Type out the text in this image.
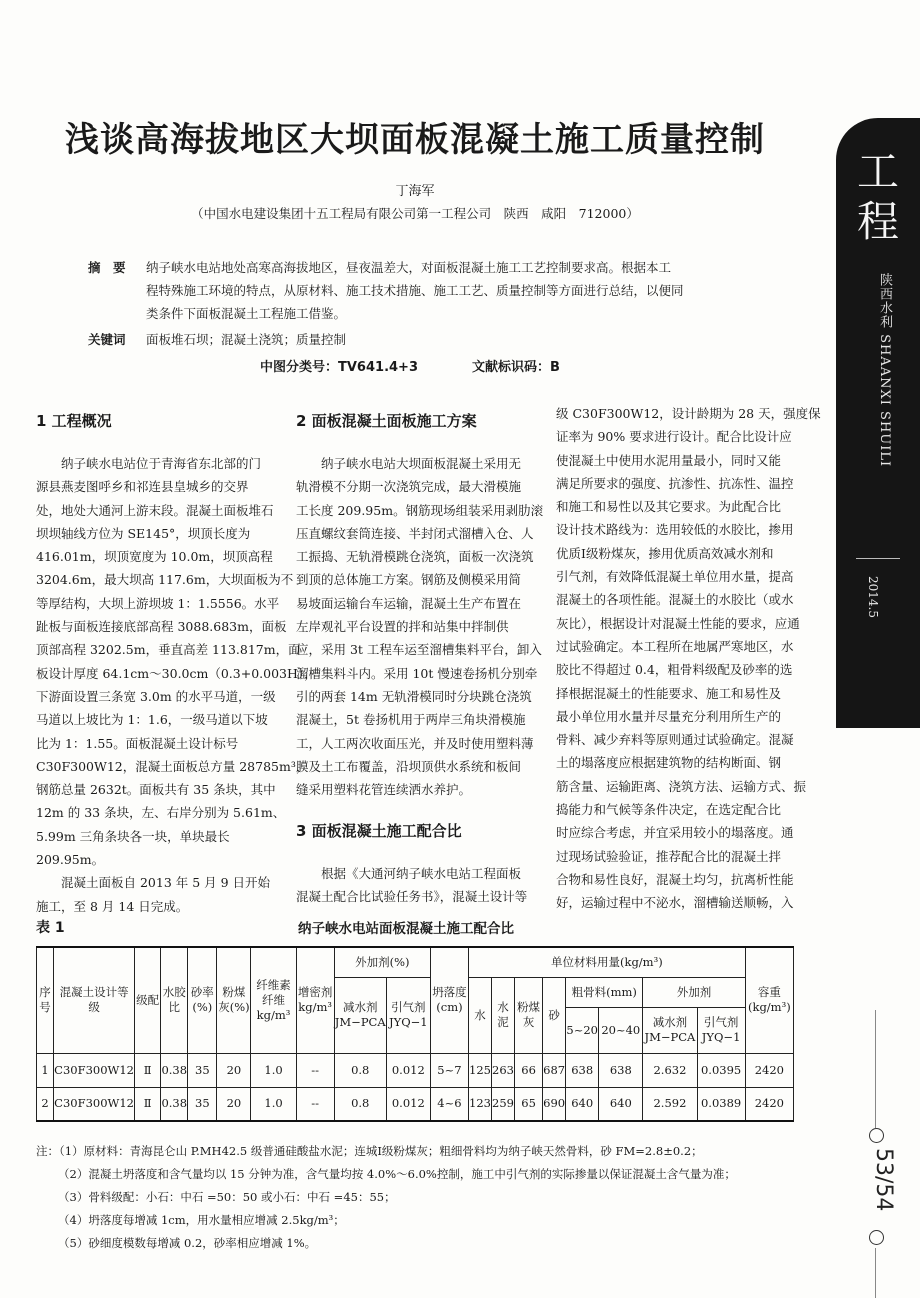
浅谈高海拔地区大坝面板混凝土施工质量控制
丁海军
（中国水电建设集团十五工程局有限公司第一工程公司　陕西　咸阳　712000）
摘　要 纳子峡水电站地处高寒高海拔地区，昼夜温差大，对面板混凝土施工工艺控制要求高。根据本工
程特殊施工环境的特点，从原材料、施工技术措施、施工工艺、质量控制等方面进行总结，以便同
类条件下面板混凝土工程施工借鉴。
关键词 面板堆石坝；混凝土浇筑；质量控制
中图分类号：TV641.4+3	文献标识码：B
1 工程概况
　　纳子峡水电站位于青海省东北部的门
源县燕麦图呼乡和祁连县皇城乡的交界
处，地处大通河上游末段。混凝土面板堆石
坝坝轴线方位为 SE145°，坝顶长度为
416.01m，坝顶宽度为 10.0m，坝顶高程
3204.6m，最大坝高 117.6m，大坝面板为不
等厚结构，大坝上游坝坡 1：1.5556。水平
趾板与面板连接底部高程 3088.683m，面板
顶部高程 3202.5m，垂直高差 113.817m，面
板设计厚度 64.1cm～30.0cm（0.3+0.003H），
下游面设置三条宽 3.0m 的水平马道，一级
马道以上坡比为 1：1.6，一级马道以下坡
比为 1：1.55。面板混凝土设计标号
C30F300W12，混凝土面板总方量 28785m³，
钢筋总量 2632t。面板共有 35 条块，其中
12m 的 33 条块，左、右岸分别为 5.61m、
5.99m 三角条块各一块，单块最长
209.95m。
　　混凝土面板自 2013 年 5 月 9 日开始
施工，至 8 月 14 日完成。
2 面板混凝土面板施工方案
　　纳子峡水电站大坝面板混凝土采用无
轨滑模不分期一次浇筑完成，最大滑模施
工长度 209.95m。钢筋现场组装采用剥肋滚
压直螺纹套筒连接、半封闭式溜槽入仓、人
工振捣、无轨滑模跳仓浇筑，面板一次浇筑
到顶的总体施工方案。钢筋及侧模采用简
易坡面运输台车运输，混凝土生产布置在
左岸观礼平台设置的拌和站集中拌制供
应，采用 3t 工程车运至溜槽集料平台，卸入
溜槽集料斗内。采用 10t 慢速卷扬机分别牵
引的两套 14m 无轨滑模同时分块跳仓浇筑
混凝土，5t 卷扬机用于两岸三角块滑模施
工，人工两次收面压光，并及时使用塑料薄
膜及土工布覆盖，沿坝顶供水系统和板间
缝采用塑料花管连续洒水养护。
3 面板混凝土施工配合比
　　根据《大通河纳子峡水电站工程面板
混凝土配合比试验任务书》，混凝土设计等
级 C30F300W12，设计龄期为 28 天，强度保
证率为 90% 要求进行设计。配合比设计应
使混凝土中使用水泥用量最小，同时又能
满足所要求的强度、抗渗性、抗冻性、温控
和施工和易性以及其它要求。为此配合比
设计技术路线为：选用较低的水胶比，掺用
优质Ⅰ级粉煤灰，掺用优质高效减水剂和
引气剂，有效降低混凝土单位用水量，提高
混凝土的各项性能。混凝土的水胶比（或水
灰比），根据设计对混凝土性能的要求，应通
过试验确定。本工程所在地属严寒地区，水
胶比不得超过 0.4，粗骨料级配及砂率的选
择根据混凝土的性能要求、施工和易性及
最小单位用水量并尽量充分利用所生产的
骨料、减少弃料等原则通过试验确定。混凝
土的塌落度应根据建筑物的结构断面、钢
筋含量、运输距离、浇筑方法、运输方式、振
捣能力和气候等条件决定，在选定配合比
时应综合考虑，并宜采用较小的塌落度。通
过现场试验验证，推荐配合比的混凝土拌
合物和易性良好，混凝土均匀，抗离析性能
好，运输过程中不泌水，溜槽输送顺畅，入
表 1	纳子峡水电站面板混凝土施工配合比
序号	混凝土设计等级	级配	水胶比	砂率(%)	粉煤灰(%)	纤维素纤维kg/m³	增密剂kg/m³	外加剂(%)		坍落度(cm)	单位材料用量(kg/m³)								容重(kg/m³)
								减水剂JM−PCA	引气剂JYQ−1		水	水泥	粉煤灰	砂	粗骨料(mm)		外加剂		
															5~20	20~40	减水剂JM−PCA	引气剂JYQ−1	
1	C30F300W12	Ⅱ	0.38	35	20	1.0	--	0.8	0.012	5~7	125	263	66	687	638	638	2.632	0.0395	2420
2	C30F300W12	Ⅱ	0.38	35	20	1.0	--	0.8	0.012	4~6	123	259	65	690	640	640	2.592	0.0389	2420
注：（1）原材料：青海昆仑山 P.MH42.5 级普通硅酸盐水泥；连城Ⅰ级粉煤灰；粗细骨料均为纳子峡天然骨料，砂 FM=2.8±0.2；
（2）混凝土坍落度和含气量均以 15 分钟为准，含气量均按 4.0%～6.0%控制，施工中引气剂的实际掺量以保证混凝土含气量为准；
（3）骨料级配：小石：中石 =50：50 或小石：中石 =45：55；
（4）坍落度每增减 1cm，用水量相应增减 2.5kg/m³；
（5）砂细度模数每增减 0.2，砂率相应增减 1%。
工
程
陕西水利 SHAANXI SHUILI
2014.5
53/54
